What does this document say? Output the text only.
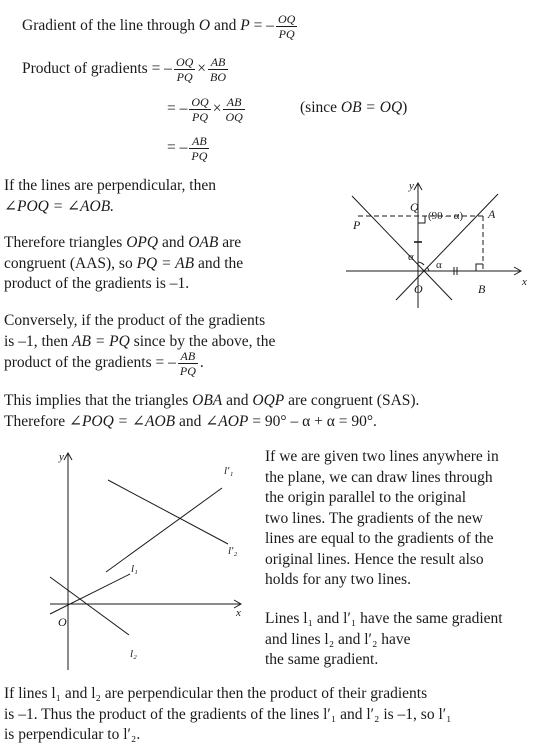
Gradient of the line through O and P = – $\frac{OQ}{PQ}$
Product of gradients = – $\frac{OQ}{PQ} \times \frac{AB}{BO}$
= – $\frac{OQ}{PQ} \times \frac{AB}{OQ}$	(since OB = OQ)
= – $\frac{AB}{PQ}$
If the lines are perpendicular, then
∠POQ = ∠AOB.
Therefore triangles OPQ and OAB are
congruent (AAS), so PQ = AB and the
product of the gradients is –1.
Conversely, if the product of the gradients
is –1, then AB = PQ since by the above, the
product of the gradients = – $\frac{AB}{PQ}$ .
This implies that the triangles OBA and OQP are congruent (SAS).
Therefore ∠POQ = ∠AOB and ∠AOP = 90° – α + α = 90°.
If we are given two lines anywhere in
the plane, we can draw lines through
the origin parallel to the original
two lines. The gradients of the new
lines are equal to the gradients of the
original lines. Hence the result also
holds for any two lines.
Lines l₁ and l′₁ have the same gradient
and lines l₂ and l′₂ have
the same gradient.
If lines l₁ and l₂ are perpendicular then the product of their gradients
is –1. Thus the product of the gradients of the lines l′₁ and l′₂ is –1, so l′₁
is perpendicular to l′₂.
y
x
P
Q	A
B
O
(90 – α)
α
α
y
x
O
l₁
l₂
l′₁
l′₂
